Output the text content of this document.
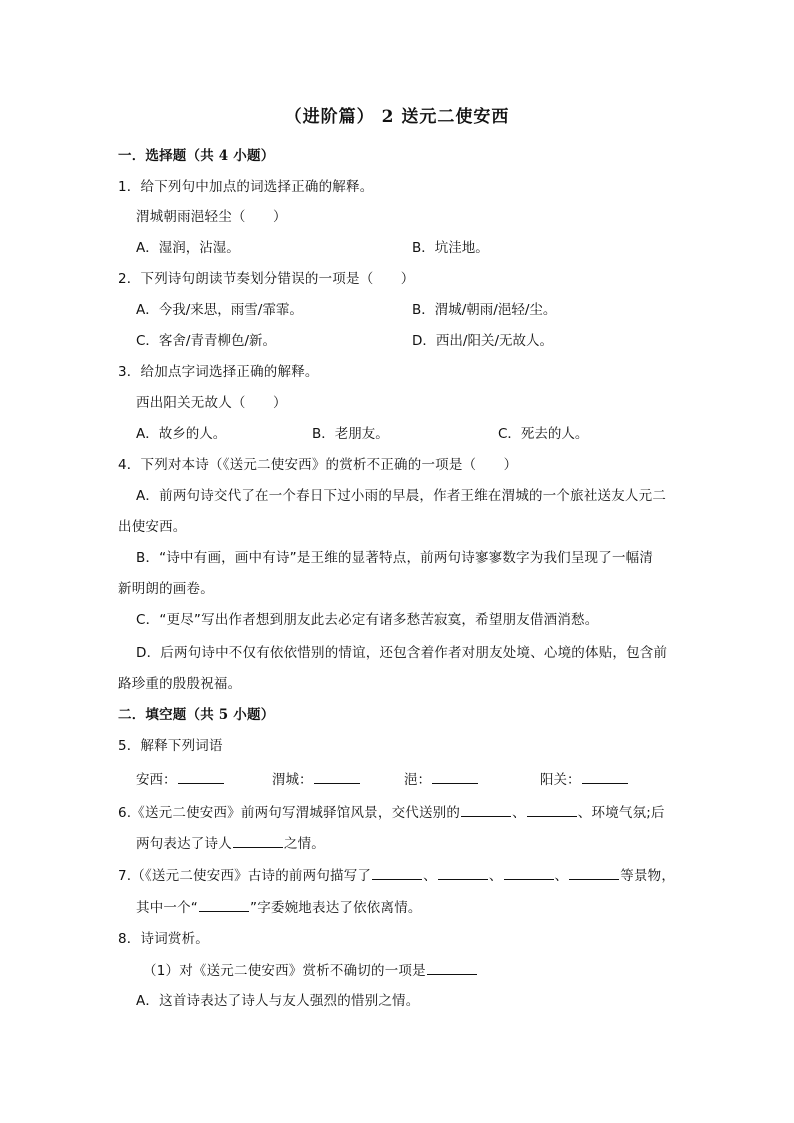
（进阶篇） 2 送元二使安西
一．选择题（共 4 小题）
1．给下列句中加点的词选择正确的解释。
渭城朝雨浥轻尘（　　）
A．湿润，沾湿。	B．坑洼地。
2．下列诗句朗读节奏划分错误的一项是（　　）
A．今我/来思，雨雪/霏霏。	B．渭城/朝雨/浥轻/尘。
C．客舍/青青柳色/新。	D．西出/阳关/无故人。
3．给加点字词选择正确的解释。
西出阳关无故人（　　）
A．故乡的人。	B．老朋友。	C．死去的人。
4．下列对本诗（《送元二使安西》的赏析不正确的一项是（　　）
A．前两句诗交代了在一个春日下过小雨的早晨，作者王维在渭城的一个旅社送友人元二
出使安西。
B．“诗中有画，画中有诗”是王维的显著特点，前两句诗寥寥数字为我们呈现了一幅清
新明朗的画卷。
C．“更尽”写出作者想到朋友此去必定有诸多愁苦寂寞，希望朋友借酒消愁。
D．后两句诗中不仅有依依惜别的情谊，还包含着作者对朋友处境、心境的体贴，包含前
路珍重的殷殷祝福。
二．填空题（共 5 小题）
5．解释下列词语
安西：	渭城：	浥：	阳关：
6.《送元二使安西》前两句写渭城驿馆风景，交代送别的	、	、环境气氛;后
两句表达了诗人	之情。
7.（《送元二使安西》古诗的前两句描写了	、	、	、	等景物，
其中一个“	”字委婉地表达了依依离情。
8．诗词赏析。
（1）对《送元二使安西》赏析不确切的一项是
A．这首诗表达了诗人与友人强烈的惜别之情。
